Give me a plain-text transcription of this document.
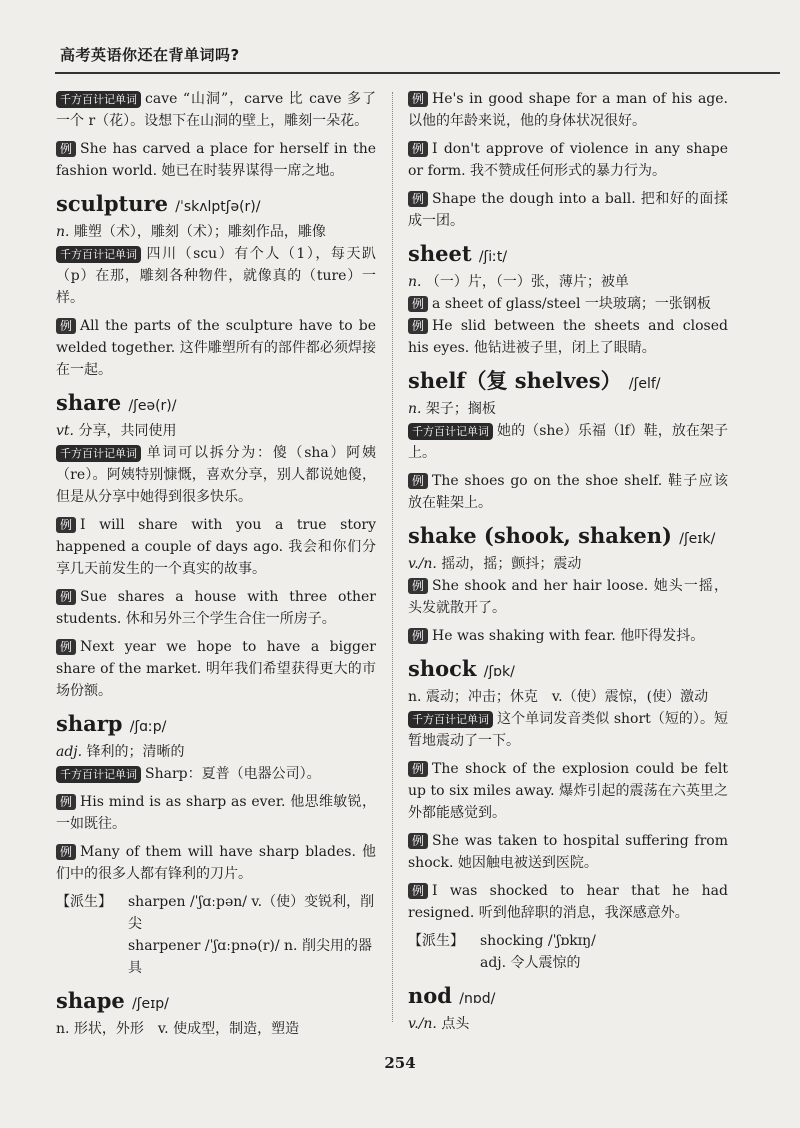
高考英语你还在背单词吗?

千方百计记单词 cave “山洞”，carve 比 cave 多了一个 r（花）。设想下在山洞的壁上，雕刻一朵花。

例 She has carved a place for herself in the fashion world. 她已在时装界谋得一席之地。

sculpture /ˈskʌlptʃə(r)/

n. 雕塑（术），雕刻（术）；雕刻作品，雕像

千方百计记单词 四川（scu）有个人（1），每天趴（p）在那，雕刻各种物件，就像真的（ture）一样。

例 All the parts of the sculpture have to be welded together. 这件雕塑所有的部件都必须焊接在一起。

share /ʃeə(r)/

vt. 分享，共同使用

千方百计记单词 单词可以拆分为：傻（sha）阿姨（re）。阿姨特别慷慨，喜欢分享，别人都说她傻，但是从分享中她得到很多快乐。

例 I will share with you a true story happened a couple of days ago. 我会和你们分享几天前发生的一个真实的故事。

例 Sue shares a house with three other students. 休和另外三个学生合住一所房子。

例 Next year we hope to have a bigger share of the market. 明年我们希望获得更大的市场份额。

sharp /ʃɑːp/

adj. 锋利的；清晰的

千方百计记单词 Sharp：夏普（电器公司）。

例 His mind is as sharp as ever. 他思维敏锐，一如既往。

例 Many of them will have sharp blades. 他们中的很多人都有锋利的刀片。

【派生】 sharpen /ˈʃɑːpən/ v.（使）变锐利，削尖

sharpener /ˈʃɑːpnə(r)/ n. 削尖用的器具

shape /ʃeɪp/

n. 形状，外形　v. 使成型，制造，塑造

例 He's in good shape for a man of his age. 以他的年龄来说，他的身体状况很好。

例 I don't approve of violence in any shape or form. 我不赞成任何形式的暴力行为。

例 Shape the dough into a ball. 把和好的面揉成一团。

sheet /ʃiːt/

n. （一）片，（一）张，薄片；被单

例 a sheet of glass/steel 一块玻璃；一张钢板

例 He slid between the sheets and closed his eyes. 他钻进被子里，闭上了眼睛。

shelf（复 shelves） /ʃelf/

n. 架子；搁板

千方百计记单词 她的（she）乐福（lf）鞋，放在架子上。

例 The shoes go on the shoe shelf. 鞋子应该放在鞋架上。

shake (shook, shaken) /ʃeɪk/

v./n. 摇动，摇；颤抖；震动

例 She shook and her hair loose. 她头一摇，头发就散开了。

例 He was shaking with fear. 他吓得发抖。

shock /ʃɒk/

n. 震动；冲击；休克　v.（使）震惊，(使）激动

千方百计记单词 这个单词发音类似 short（短的）。短暂地震动了一下。

例 The shock of the explosion could be felt up to six miles away. 爆炸引起的震荡在六英里之外都能感觉到。

例 She was taken to hospital suffering from shock. 她因触电被送到医院。

例 I was shocked to hear that he had resigned. 听到他辞职的消息，我深感意外。

【派生】 shocking /ˈʃɒkɪŋ/

adj. 令人震惊的

nod /nɒd/

v./n. 点头

254
